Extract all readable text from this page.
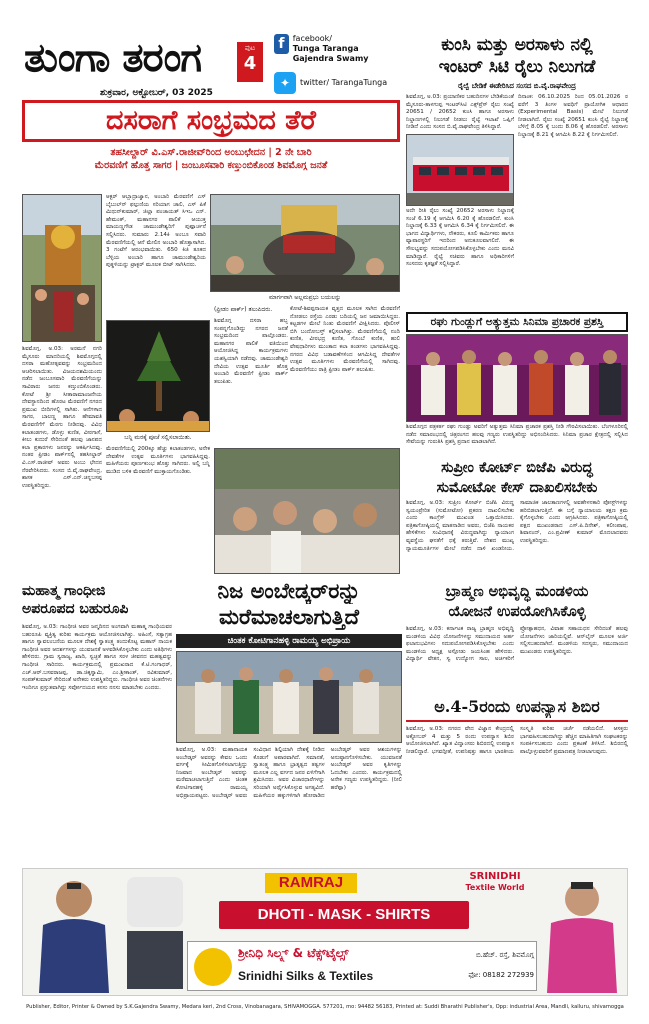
ತುಂಗಾ ತರಂಗ
ಶುಕ್ರವಾರ, ಅಕ್ಟೋಬರ್, 03 2025
ಪುಟ
4
f	facebook/
Tunga Taranga Gajendra Swamy
✦	twitter/ TarangaTunga
ದಸರಾಗೆ ಸಂಭ್ರಮದ ತೆರೆ
ತಹಸೀಲ್ದಾರ್ ವಿ.ಎಸ್.ರಾಜೀವ್‌ರಿಂದ ಅಂಬುಛೇದನ | 2 ನೇ ಬಾರಿ
ಮೆರವಣಿಗೆ ಹೊತ್ತ ಸಾಗರ | ಜಂಬೂಸವಾರಿ ಕಣ್ತುಂಬಿಕೊಂಡ ಶಿವಮೊಗ್ಗ ಜನತೆ
ಆಕ್ಟರ್ ಆಬ್ಬಾದ್ರಾಜ್ವಾನ, ಅಂಬಾರಿ ಮೆರವಣಿಗೆ ಎಸ್ ಬೈಬುಲ್‌ನ್ ಫಲ್ಗುಣಿಯ ಸರಿಯಾಗ ಚಾಲಿ, ಎಸ್ ಪಿಕೆ ಮಿಥುನ್‌ಕುಮಾರ್, ಜಿಲ್ಲಾ ಪಂಚಾಯತ್ ಸಿಇಒ ಎನ್. ಹೇಮಂತ್, ಮಹಾನಗರ ಪಾಲಿಕೆ ಆಯುಕ್ತ ಮಾಯಣ್ಣಗೌಡ ಚಾಮುಂಡೇಶ್ವರಿಗೆ ಪುಷ್ಪಾರ್ಚನೆ ಸಲ್ಲಿಸಿದರು. ಸುಮಾರು 2.14ಕಿ ಅಂಬೂ ಸವಾರಿ ಮೆರವಣಿಗೆಯಲ್ಲಿ ಆನೆ ಮೇಲಿನ ಅಂಬಾರಿ ಹೊತ್ತಾಸಾಗಿದ. 3 ಗಂಟೆಗೆ ಆರಂಭವಾಯಿತು. 650 ಕಿಜಿ ತೂಕದ ಬೆಳ್ಳಿಯ ಅಂಬಾರಿ ಹಾಗೂ ಚಾಮುಂಡೇಶ್ವರಿಯ ಪುತ್ಥಳಿಯನ್ನು ಟ್ರಾಕ್ಟರ್ ಮೂಲಕ ಬೀಟ್ ಸಾಗಿಸಿದರು.
ಮಾರ್ಗವಾಗಿ ಅಲ್ಲಮಪ್ರಭು ಬಯಲನ್ನು
ಶಿವಮೊಗ್ಗ, ಅ.03: ಅರಮನೆ ನಗರಿ ಮೈಸೂರು ಮಾದರಿಯಲ್ಲಿ ಶಿವಮೊಗ್ಗದಲ್ಲಿ ದಸರಾ ಮಹೋತ್ಸವವನ್ನು ಸಂಭ್ರಮದಿಂದ ಆಚರಿಸಲಾಯಿತು. ವಿಜಯದಶಮಿಯಂದು ನಡೆದ ಜಂಬೂಸವಾರಿ ಮೆರವಣಿಗೆಯನ್ನು ಸಾವಿರಾರು ಜನರು ಕಣ್ತುಂಬಿಕೊಂಡರು. ಕೋಟೆ ಶ್ರೀ ಸೀತಾರಾಮಾಂಜನೇಯ ದೇವಸ್ಥಾನದಿಂದ ಹೊರಟ ಮೆರವಣಿಗೆ ನಗರದ ಪ್ರಮುಖ ಬೀದಿಗಳಲ್ಲಿ ಸಾಗಿತು. ಆನೆಗಳಾದ ಸಾಗರ, ಬಾಲಣ್ಣ ಹಾಗೂ ಹೇಮಾವತಿ ಮೆರವಣಿಗೆಗೆ ಮೆರಗು ನೀಡಿದವು. ವಿವಿಧ ಕಲಾತಂಡಗಳು, ಡೊಳ್ಳು ಕುಣಿತ, ವೀರಗಾಸೆ, ಕೀಲು ಕುದುರೆ ಸೇರಿದಂತೆ ಹಲವು ಜಾನಪದ ಕಲಾ ಪ್ರಕಾರಗಳು ಜನರನ್ನು ಆಕರ್ಷಿಸಿದವು. ನಂತರ ಫ್ರೀಡಂ ಪಾರ್ಕ್‌ನಲ್ಲಿ ತಹಸೀಲ್ದಾರ್ ವಿ.ಎಸ್.ರಾಜೀವ್ ಅವರು ಅಂಬು ಛೇದನ ನೆರವೇರಿಸಿದರು. ಸಂಸದ ಬಿ.ವೈ.ರಾಘವೇಂದ್ರ, ಶಾಸಕ ಎಸ್.ಎನ್.ಚನ್ನಬಸಪ್ಪ ಉಪಸ್ಥಿತರಿದ್ದರು.
ಬನ್ನಿ ಮರಕ್ಕೆ ಪೂಜೆ ಸಲ್ಲಿಸಲಾಯಿತು.
(ಫ್ರೀಡಂ ಪಾರ್ಕ್) ತಲುಪಿದರು.	ಕೋಟೆ-ಶಿವಪ್ಪನಾಯಕ ವೃತ್ತದ ಮೂಲಕ ಸಾಗಿದ ಮೆರವಣಿಗೆ ನೋಡಲು ರಸ್ತೆಯ ಎರಡು ಬದಿಯಲ್ಲಿ ಜನ ಜಮಾಯಿಸಿದ್ದರು. ಕಟ್ಟಡಗಳ ಮೇಲೆ ನಿಂತು ಮೆರವಣಿಗೆ ವೀಕ್ಷಿಸಿದರು. ಪೊಲೀಸ್ ಬಿಗಿ ಬಂದೋಬಸ್ತ್ ಕಲ್ಪಿಸಲಾಗಿತ್ತು. ಮೆರವಣಿಗೆಯಲ್ಲಿ ನಂದಿ ಕುಣಿತ, ವೀರಭದ್ರ ಕುಣಿತ, ಗೊಂಬೆ ಕುಣಿತ, ಹುಲಿ ವೇಷಧಾರಿಗಳು ಮುಂತಾದ ಕಲಾ ತಂಡಗಳು ಭಾಗವಹಿಸಿದ್ದವು. ನಗರದ ವಿವಿಧ ಬಡಾವಣೆಗಳಿಂದ ಆಗಮಿಸಿದ್ದ ದೇವತೆಗಳ ಉತ್ಸವ ಮೂರ್ತಿಗಳು ಮೆರವಣಿಗೆಯಲ್ಲಿ ಸಾಗಿದವು. ಮೆರವಣಿಗೆಯು ರಾತ್ರಿ ಫ್ರೀಡಂ ಪಾರ್ಕ್ ತಲುಪಿತು.
ಶಿವಮೊಗ್ಗ ದಸರಾ ಹಬ್ಬ ಸಂಪನ್ನಗೊಂಡಿದ್ದು ನಗರದ ಜನತೆ ಸಂಭ್ರಮದಿಂದ ಪಾಲ್ಗೊಂಡರು. ಮಹಾನಗರ ಪಾಲಿಕೆ ವತಿಯಿಂದ ಆಯೋಜಿಸಿದ್ದ ಕಾರ್ಯಕ್ರಮಗಳು ಯಶಸ್ವಿಯಾಗಿ ನಡೆದವು. ಚಾಮುಂಡೇಶ್ವರಿ ದೇವಿಯ ಉತ್ಸವ ಮೂರ್ತಿ ಹೊತ್ತ ಅಂಬಾರಿ ಮೆರವಣಿಗೆ ಫ್ರೀಡಂ ಪಾರ್ಕ್ ತಲುಪಿತು.
ಮೆರವಣಿಗೆಯಲ್ಲಿ 200ಕ್ಕೂ ಹೆಚ್ಚು ಕಲಾತಂಡಗಳು, ಅನೇಕ ದೇವತೆಗಳ ಉತ್ಸವ ಮೂರ್ತಿಗಳು ಭಾಗವಹಿಸಿದ್ದವು. ಮಹಿಳೆಯರು ಪೂರ್ಣಕುಂಭ ಹೊತ್ತು ಸಾಗಿದರು. ಅಲ್ಲಿ ಬನ್ನಿ ಮುಡಿದ ಬಳಿಕ ಮೆರವಣಿಗೆ ಮುಕ್ತಾಯಗೊಂಡಿತು.
ಮಹಾತ್ಮ ಗಾಂಧೀಜಿ
ಅಪರೂಪದ ಬಹುರೂಪಿ
ಶಿವಮೊಗ್ಗ, ಅ.03: ಗಾಂಧೀಜಿ ಅವರ ಜನ್ಮದಿನದ ಅಂಗವಾಗಿ ಮಹಾತ್ಮ ಗಾಂಧಿಯವರ ಬಹುರೂಪಿ ವ್ಯಕ್ತಿತ್ವ ಕುರಿತು ಕಾರ್ಯಕ್ರಮ ಆಯೋಜಿಸಲಾಗಿತ್ತು. ಅಹಿಂಸೆ, ಸತ್ಯಾಗ್ರಹ ಹಾಗೂ ಸ್ವಾವಲಂಬನೆಯ ಮೂಲಕ ದೇಶಕ್ಕೆ ಸ್ವಾತಂತ್ರ್ಯ ತಂದುಕೊಟ್ಟ ಮಹಾನ್ ನಾಯಕ ಗಾಂಧೀಜಿ ಅವರ ಆದರ್ಶಗಳನ್ನು ಯುವಜನತೆ ಅಳವಡಿಸಿಕೊಳ್ಳಬೇಕು ಎಂದು ಅತಿಥಿಗಳು ಹೇಳಿದರು. ಗ್ರಾಮ ಸ್ವರಾಜ್ಯ, ಖಾದಿ, ಸ್ವಚ್ಛತೆ ಹಾಗೂ ಸರಳ ಜೀವನದ ಮಹತ್ವವನ್ನು ಗಾಂಧೀಜಿ ಸಾರಿದರು. ಕಾರ್ಯಕ್ರಮದಲ್ಲಿ ಪ್ರಮುಖರಾದ ಕೆ.ಟಿ.ಗಂಗಾಧರ್, ಎಚ್.ಆರ್.ಬಸವರಾಜಪ್ಪ, ಡಾ.ಚಿಕ್ಕಸ್ವಾಮಿ, ಎಂ.ಶ್ರೀಕಾಂತ್, ರವಿಕುಮಾರ್, ಸಂಪತ್‌ಕುಮಾರ್ ಸೇರಿದಂತೆ ಅನೇಕರು ಉಪಸ್ಥಿತರಿದ್ದರು. ಗಾಂಧೀಜಿ ಅವರ ಚಿಂತನೆಗಳು ಇಂದಿಗೂ ಪ್ರಸ್ತುತವಾಗಿದ್ದು ಸರ್ವೋದಯದ ಕನಸು ನನಸು ಮಾಡಬೇಕು ಎಂದರು.
ನಿಜ ಅಂಬೇಡ್ಕರ್‌ರನ್ನು
ಮರೆಮಾಚಲಾಗುತ್ತಿದೆ
ಚಿಂತಕ ಕೋಟಿಗಾನಹಳ್ಳಿ ರಾಮಯ್ಯ ಅಭಿಪ್ರಾಯ
ಶಿವಮೊಗ್ಗ, ಅ.03: ಮಹಾನಾಯಕ ಅಂಬೇಡ್ಕರ್ ಅವರನ್ನು ಕೇವಲ ಒಂದು ವರ್ಗಕ್ಕೆ ಸೀಮಿತಗೊಳಿಸಲಾಗುತ್ತಿದ್ದು ನಿಜವಾದ ಅಂಬೇಡ್ಕರ್ ಅವರನ್ನು ಮರೆಮಾಚಲಾಗುತ್ತಿದೆ ಎಂದು ಚಿಂತಕ ಕೋಟಿಗಾನಹಳ್ಳಿ ರಾಮಯ್ಯ ಅಭಿಪ್ರಾಯಪಟ್ಟರು. ಅಂಬೇಡ್ಕರ್ ಅವರು ಸಂವಿಧಾನ ಶಿಲ್ಪಿಯಾಗಿ ದೇಶಕ್ಕೆ ನೀಡಿದ ಕೊಡುಗೆ ಅಪಾರವಾಗಿದೆ. ಸಮಾನತೆ, ಸ್ವಾತಂತ್ರ್ಯ ಹಾಗೂ ಭ್ರಾತೃತ್ವದ ತತ್ವಗಳ ಮೂಲಕ ಎಲ್ಲ ವರ್ಗದ ಜನರ ಏಳಿಗೆಗಾಗಿ ಶ್ರಮಿಸಿದರು. ಅವರ ವಿಚಾರಧಾರೆಗಳನ್ನು ಸರಿಯಾಗಿ ಅರ್ಥೈಸಿಕೊಳ್ಳುವ ಅಗತ್ಯವಿದೆ. ಮಹಿಳೆಯರ ಹಕ್ಕುಗಳಿಗಾಗಿ ಹೋರಾಡಿದ ಅಂಬೇಡ್ಕರ್ ಅವರ ಆಶಯಗಳನ್ನು ಅನುಷ್ಠಾನಗೊಳಿಸಬೇಕು. ಯುವಜನತೆ ಅಂಬೇಡ್ಕರ್ ಅವರ ಕೃತಿಗಳನ್ನು ಓದಬೇಕು ಎಂದರು. ಕಾರ್ಯಕ್ರಮದಲ್ಲಿ ಅನೇಕ ಗಣ್ಯರು ಉಪಸ್ಥಿತರಿದ್ದರು. (ನೀಲಿ ಹರೆಪ್ಪಾ)
ಕುಂಸಿ ಮತ್ತು ಅರಸಾಳು ನಲ್ಲಿ
ಇಂಟರ್ ಸಿಟಿ ರೈಲು ನಿಲುಗಡೆ
ರೈಲ್ವೆ ಬೇಡಿಕೆ ಈಡೇರಿಸಿದ ಸಂಸದ ಬಿ.ವೈ.ರಾಘವೇಂದ್ರ
ಶಿವಮೊಗ್ಗ, ಅ.03: ಪ್ರಯಾಣಿಕರ ಬಹುದಿನಗಳ ಬೇಡಿಕೆಯಂತೆ ಮೈಸೂರು-ತಾಳಗುಪ್ಪ ಇಂಟರ್‌ಸಿಟಿ ಎಕ್ಸ್‌ಪ್ರೆಸ್ ರೈಲು ಸಂಖ್ಯೆ 20651 / 20652 ಕುಂಸಿ ಹಾಗೂ ಅರಸಾಳು ನಿಲ್ದಾಣಗಳಲ್ಲಿ ನಿಲುಗಡೆ ನೀಡಲು ರೈಲ್ವೆ ಇಲಾಖೆ ಒಪ್ಪಿಗೆ ನೀಡಿದೆ ಎಂದು ಸಂಸದ ಬಿ.ವೈ.ರಾಘವೇಂದ್ರ ತಿಳಿಸಿದ್ದಾರೆ.
ಅದೇ ರೀತಿ ರೈಲು ಸಂಖ್ಯೆ 20652 ಅರಸಾಳು ನಿಲ್ದಾಣಕ್ಕೆ ಸಂಜೆ 6.19 ಕ್ಕೆ ಆಗಮಿಸಿ 6.20 ಕ್ಕೆ ಹೊರಡಲಿದೆ. ಕುಂಸಿ ನಿಲ್ದಾಣಕ್ಕೆ 6.33 ಕ್ಕೆ ಆಗಮಿಸಿ 6.34 ಕ್ಕೆ ನಿರ್ಗಮಿಸಲಿದೆ. ಈ ಭಾಗದ ವಿದ್ಯಾರ್ಥಿಗಳು, ನೌಕರರು, ಕೂಲಿ ಕಾರ್ಮಿಕರು ಹಾಗೂ ವ್ಯಾಪಾರಸ್ಥರಿಗೆ ಇದರಿಂದ ಅನುಕೂಲವಾಗಲಿದೆ. ಈ ಸೌಲಭ್ಯವನ್ನು ಸದುಪಯೋಗಪಡಿಸಿಕೊಳ್ಳಬೇಕು ಎಂದು ಮನವಿ ಮಾಡಿದ್ದಾರೆ. ರೈಲ್ವೆ ಸಚಿವರು ಹಾಗೂ ಅಧಿಕಾರಿಗಳಿಗೆ ಸಂಸದರು ಕೃತಜ್ಞತೆ ಸಲ್ಲಿಸಿದ್ದಾರೆ.
ದಿನಾಂಕ: 06.10.2025 ರಿಂದ 05.01.2026 ರ ವರೆಗೆ 3 ತಿಂಗಳ ಅವಧಿಗೆ ಪ್ರಾಯೋಗಿಕ ಆಧಾರದ (Experimental Basis) ಮೇಲೆ ನಿಲುಗಡೆ ನೀಡಲಾಗಿದೆ. ರೈಲು ಸಂಖ್ಯೆ 20651 ಕುಂಸಿ ರೈಲ್ವೆ ನಿಲ್ದಾಣಕ್ಕೆ ಬೆಳಿಗ್ಗೆ 8.05 ಕ್ಕೆ ಬಂದು 8.06 ಕ್ಕೆ ಹೊರಡಲಿದೆ. ಅರಸಾಳು ನಿಲ್ದಾಣಕ್ಕೆ 8.21 ಕ್ಕೆ ಆಗಮಿಸಿ 8.22 ಕ್ಕೆ ನಿರ್ಗಮಿಸಲಿದೆ.
ರಘು ಗುಂಡ್ಲುಗೆ ಅತ್ಯುತ್ತಮ ಸಿನಿಮಾ ಪ್ರಚಾರಕ ಪ್ರಶಸ್ತಿ
ಶಿವಮೊಗ್ಗದ ಪತ್ರಕರ್ತ ರಘು ಗುಂಡ್ಲು ಅವರಿಗೆ ಅತ್ಯುತ್ತಮ ಸಿನಿಮಾ ಪ್ರಚಾರಕ ಪ್ರಶಸ್ತಿ ನೀಡಿ ಗೌರವಿಸಲಾಯಿತು. ಬೆಂಗಳೂರಿನಲ್ಲಿ ನಡೆದ ಸಮಾರಂಭದಲ್ಲಿ ಚಿತ್ರರಂಗದ ಹಲವು ಗಣ್ಯರು ಉಪಸ್ಥಿತರಿದ್ದು ಅಭಿನಂದಿಸಿದರು. ಸಿನಿಮಾ ಪ್ರಚಾರ ಕ್ಷೇತ್ರದಲ್ಲಿ ಸಲ್ಲಿಸಿದ ಸೇವೆಯನ್ನು ಗುರುತಿಸಿ ಪ್ರಶಸ್ತಿ ಪ್ರದಾನ ಮಾಡಲಾಗಿದೆ.
ಸುಪ್ರೀಂ ಕೋರ್ಟ್ ಬಿಜೆಪಿ ವಿರುದ್ಧ
ಸುಮೋಟೋ ಕೇಸ್ ದಾಖಲಿಸಬೇಕು
ಶಿವಮೊಗ್ಗ, ಅ.03: ಸುಪ್ರೀಂ ಕೋರ್ಟ್ ಬಿಜೆಪಿ ವಿರುದ್ಧ ಸ್ವಯಂಪ್ರೇರಿತ (ಸುಮೋಟೋ) ಪ್ರಕರಣ ದಾಖಲಿಸಬೇಕು ಎಂದು ಕಾಂಗ್ರೆಸ್ ಮುಖಂಡ ಒತ್ತಾಯಿಸಿದರು. ಪತ್ರಿಕಾಗೋಷ್ಠಿಯಲ್ಲಿ ಮಾತನಾಡಿದ ಅವರು, ಬಿಜೆಪಿ ನಾಯಕರ ಹೇಳಿಕೆಗಳು ಸಂವಿಧಾನಕ್ಕೆ ವಿರುದ್ಧವಾಗಿದ್ದು ನ್ಯಾಯಾಂಗ ವ್ಯವಸ್ಥೆಯ ಘನತೆಗೆ ಧಕ್ಕೆ ತರುತ್ತಿವೆ. ದೇಶದ ಮುಖ್ಯ ನ್ಯಾಯಮೂರ್ತಿಗಳ ಮೇಲೆ ನಡೆದ ದಾಳಿ ಖಂಡನೀಯ. ಸಾಮಾಜಿಕ ಜಾಲತಾಣಗಳಲ್ಲಿ ಅವಹೇಳನಕಾರಿ ಪೋಸ್ಟ್‌ಗಳನ್ನು ಹರಿಬಿಡಲಾಗುತ್ತಿದೆ. ಈ ಬಗ್ಗೆ ನ್ಯಾಯಾಲಯ ತಕ್ಷಣ ಕ್ರಮ ಕೈಗೊಳ್ಳಬೇಕು ಎಂದು ಆಗ್ರಹಿಸಿದರು. ಪತ್ರಿಕಾಗೋಷ್ಠಿಯಲ್ಲಿ ಪಕ್ಷದ ಮುಖಂಡರಾದ ಎಸ್.ಪಿ.ದಿನೇಶ್, ಕಲೀಂಪಾಷ, ಶಿವಾನಂದ್, ಎಂ.ಪ್ರವೀಣ್ ಕುಮಾರ್ ಮೊದಲಾದವರು ಉಪಸ್ಥಿತರಿದ್ದರು.
ಬ್ರಾಹ್ಮಣ ಅಭಿವೃದ್ಧಿ ಮಂಡಳಿಯ
ಯೋಜನೆ ಉಪಯೋಗಿಸಿಕೊಳ್ಳಿ
ಶಿವಮೊಗ್ಗ, ಅ.03: ಕರ್ನಾಟಕ ರಾಜ್ಯ ಬ್ರಾಹ್ಮಣ ಅಭಿವೃದ್ಧಿ ಮಂಡಳಿಯ ವಿವಿಧ ಯೋಜನೆಗಳನ್ನು ಸಮುದಾಯದ ಅರ್ಹ ಫಲಾನುಭವಿಗಳು ಸದುಪಯೋಗಪಡಿಸಿಕೊಳ್ಳಬೇಕು ಎಂದು ಮಂಡಳಿಯ ಅಧ್ಯಕ್ಷ ಅಸ್ಗೋಡು ಜಯಸಿಂಹ ಹೇಳಿದರು. ವಿದ್ಯಾರ್ಥಿ ವೇತನ, ಸ್ವ ಉದ್ಯೋಗ ಸಾಲ, ಅರ್ಚಕರಿಗೆ ಪ್ರೋತ್ಸಾಹಧನ, ವಿವಾಹ ಸಹಾಯಧನ ಸೇರಿದಂತೆ ಹಲವು ಯೋಜನೆಗಳು ಜಾರಿಯಲ್ಲಿವೆ. ಆನ್‌ಲೈನ್ ಮೂಲಕ ಅರ್ಜಿ ಸಲ್ಲಿಸಬಹುದಾಗಿದೆ. ಮಂಡಳಿಯ ಸದಸ್ಯರು, ಸಮುದಾಯದ ಮುಖಂಡರು ಉಪಸ್ಥಿತರಿದ್ದರು.
ಅ.4-5ರಂದು ಉಪನ್ಯಾಸ ಶಿಬಿರ
ಶಿವಮೊಗ್ಗ, ಅ.03: ನಗರದ ವೇದ ವಿಜ್ಞಾನ ಕೇಂದ್ರದಲ್ಲಿ ಅಕ್ಟೋಬರ್ 4 ಮತ್ತು 5 ರಂದು ಉಪನ್ಯಾಸ ಶಿಬಿರ ಆಯೋಜಿಸಲಾಗಿದೆ. ಖ್ಯಾತ ವಿದ್ವಾಂಸರು ಶಿಬಿರದಲ್ಲಿ ಉಪನ್ಯಾಸ ನೀಡಲಿದ್ದಾರೆ. ಭಗವದ್ಗೀತೆ, ಉಪನಿಷತ್ತು ಹಾಗೂ ಭಾರತೀಯ ಸಂಸ್ಕೃತಿ ಕುರಿತು ಚರ್ಚೆ ನಡೆಯಲಿದೆ. ಆಸಕ್ತರು ಭಾಗವಹಿಸಬಹುದಾಗಿದ್ದು ಹೆಚ್ಚಿನ ಮಾಹಿತಿಗಾಗಿ ಸಂಘಟಕರನ್ನು ಸಂಪರ್ಕಿಸಬಹುದು ಎಂದು ಪ್ರಕಟಣೆ ತಿಳಿಸಿದೆ. ಶಿಬಿರದಲ್ಲಿ ಪಾಲ್ಗೊಳ್ಳುವವರಿಗೆ ಪ್ರಮಾಣಪತ್ರ ನೀಡಲಾಗುವುದು.
RAMRAJ	SRINIDHI
Textile World
DHOTI - MASK - SHIRTS
ಶ್ರೀನಿಧಿ ಸಿಲ್ಕ್ಸ್ & ಟೆಕ್ಸ್‌ಟೈಲ್ಸ್
Srinidhi Silks & Textiles
ಬಿ.ಹೆಚ್. ರಸ್ತೆ, ಶಿವಮೊಗ್ಗ
ಫೋ: 08182 272939
Publisher, Editor, Printer & Owned by S.K.Gajendra Swamy, Medara keri, 2nd Cross, Vinobanagara, SHIVAMOGGA. 577201, mo: 94482 56183, Printed at: Suddi Bharathi Publisher's, Opp: industrial Area, Mandli, kalluru, shivamogga
